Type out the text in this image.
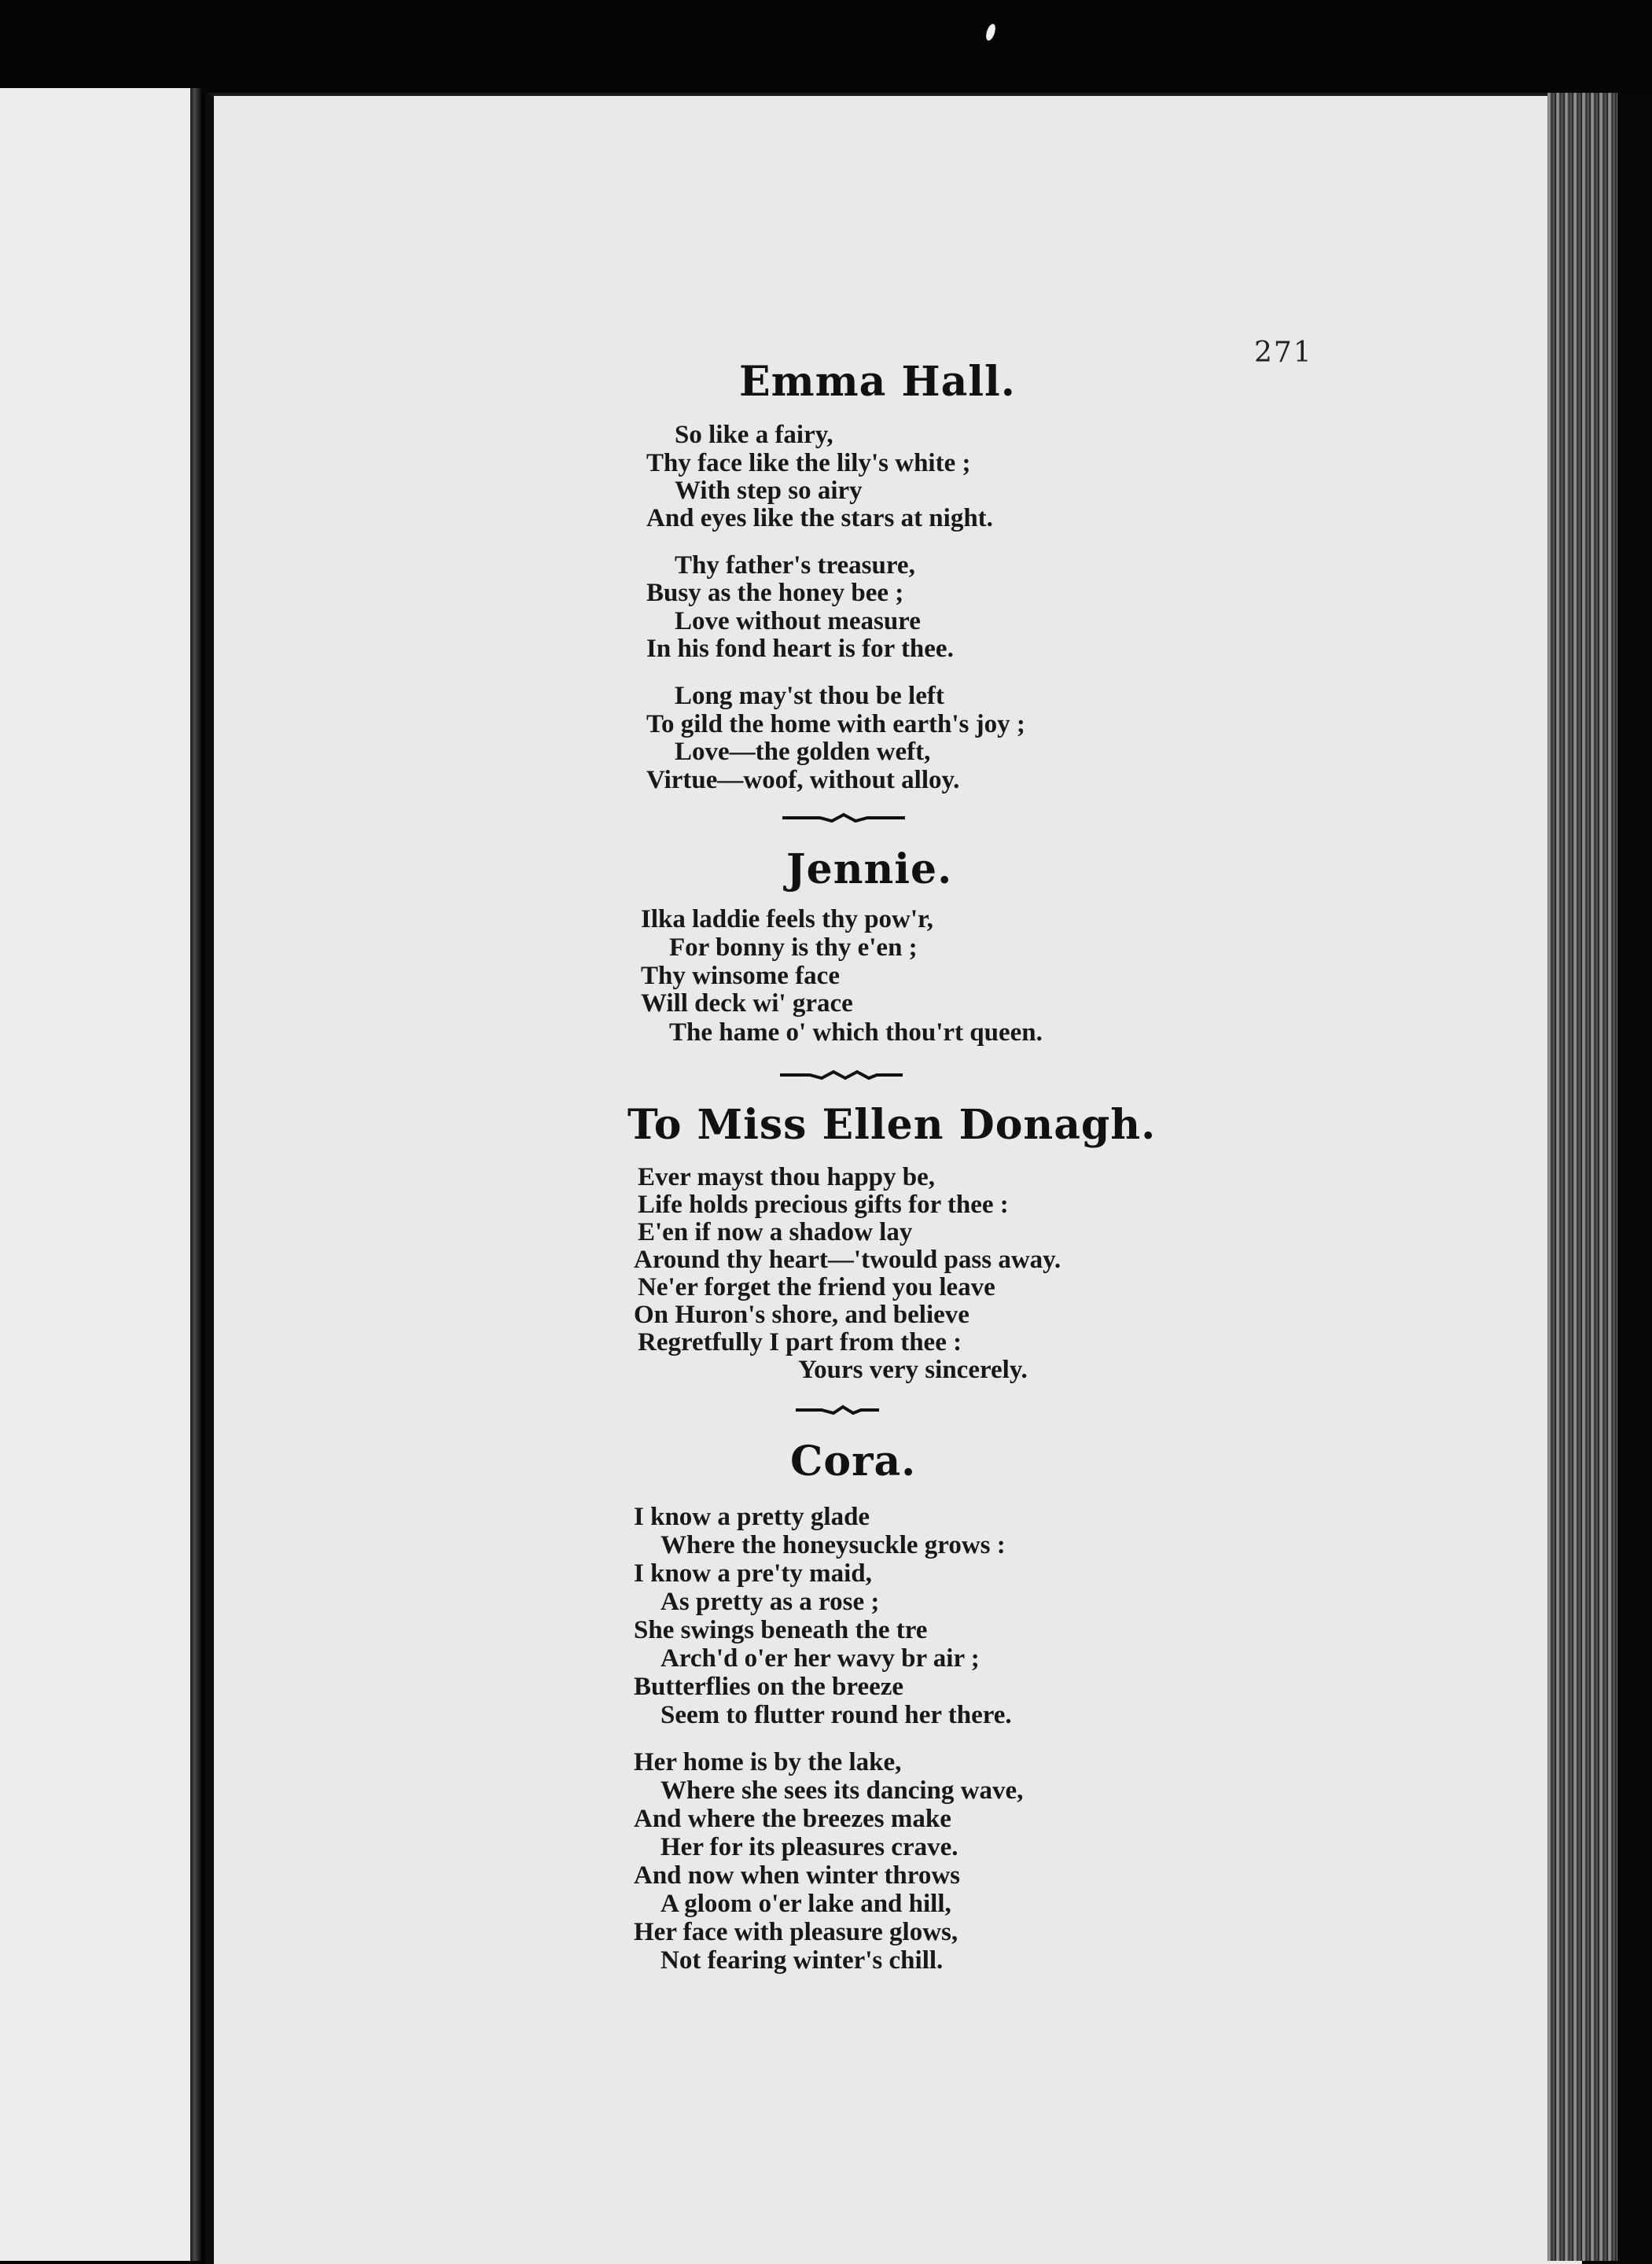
271
Emma Hall.
So like a fairy,
Thy face like the lily's white ;
With step so airy
And eyes like the stars at night.
Thy father's treasure,
Busy as the honey bee ;
Love without measure
In his fond heart is for thee.
Long may'st thou be left
To gild the home with earth's joy ;
Love—the golden weft,
Virtue—woof, without alloy.
Jennie.
Ilka laddie feels thy pow'r,
For bonny is thy e'en ;
Thy winsome face
Will deck wi' grace
The hame o' which thou'rt queen.
To Miss Ellen Donagh.
Ever mayst thou happy be,
Life holds precious gifts for thee :
E'en if now a shadow lay
Around thy heart—'twould pass away.
Ne'er forget the friend you leave
On Huron's shore, and believe
Regretfully I part from thee :
Yours very sincerely.
Cora.
I know a pretty glade
Where the honeysuckle grows :
I know a pre'ty maid,
As pretty as a rose ;
She swings beneath the tre
Arch'd o'er her wavy br air ;
Butterflies on the breeze
Seem to flutter round her there.
Her home is by the lake,
Where she sees its dancing wave,
And where the breezes make
Her for its pleasures crave.
And now when winter throws
A gloom o'er lake and hill,
Her face with pleasure glows,
Not fearing winter's chill.
